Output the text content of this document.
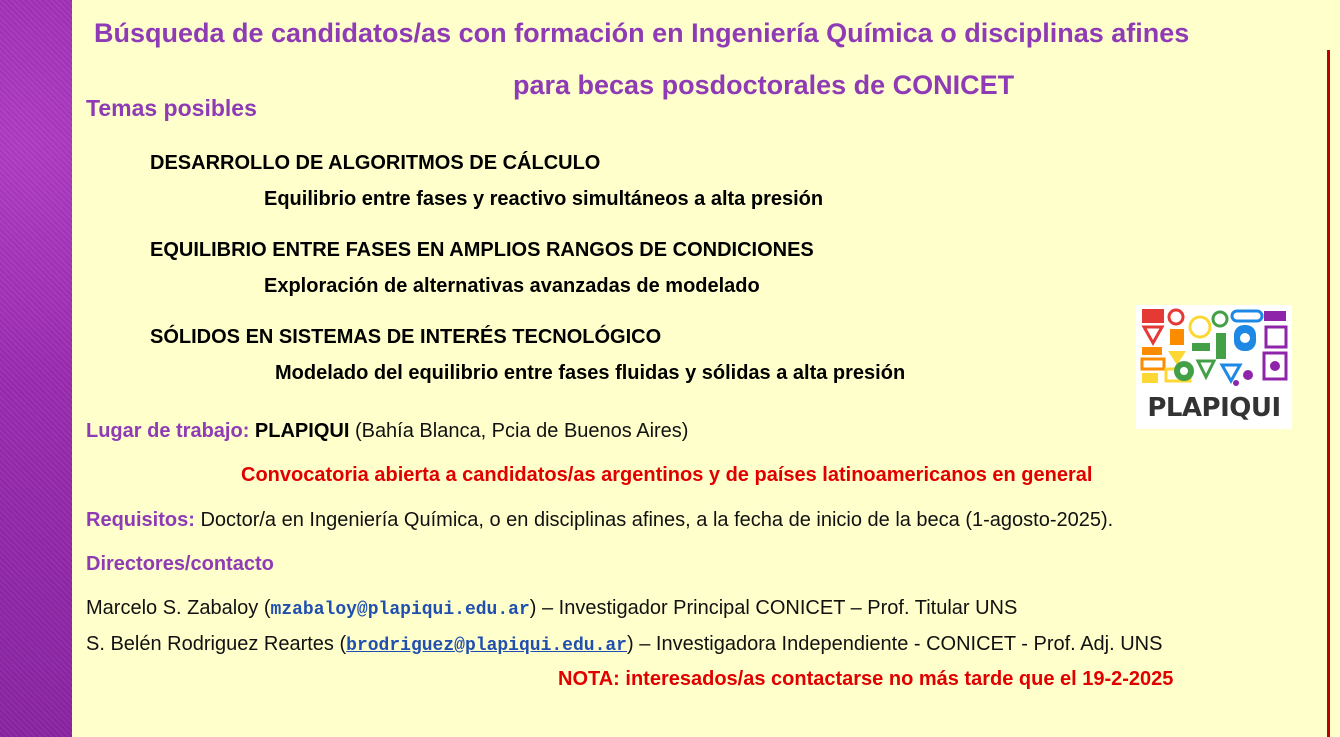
Búsqueda de candidatos/as con formación en Ingeniería Química o disciplinas afines
para becas posdoctorales de CONICET
Temas posibles
DESARROLLO DE ALGORITMOS DE CÁLCULO
Equilibrio entre fases y reactivo simultáneos a alta presión
EQUILIBRIO ENTRE FASES EN AMPLIOS RANGOS DE CONDICIONES
Exploración de alternativas avanzadas de modelado
SÓLIDOS EN SISTEMAS DE INTERÉS TECNOLÓGICO
Modelado del equilibrio entre fases fluidas y sólidas a alta presión
PLAPIQUI
Lugar de trabajo: PLAPIQUI (Bahía Blanca, Pcia de Buenos Aires)
Convocatoria abierta a candidatos/as argentinos y de países latinoamericanos en general
Requisitos: Doctor/a en Ingeniería Química, o en disciplinas afines, a la fecha de inicio de la beca (1-agosto-2025).
Directores/contacto
Marcelo S. Zabaloy (mzabaloy@plapiqui.edu.ar) – Investigador Principal CONICET – Prof. Titular UNS
S. Belén Rodriguez Reartes (brodriguez@plapiqui.edu.ar) – Investigadora Independiente - CONICET - Prof. Adj. UNS
NOTA: interesados/as contactarse no más tarde que el 19-2-2025
